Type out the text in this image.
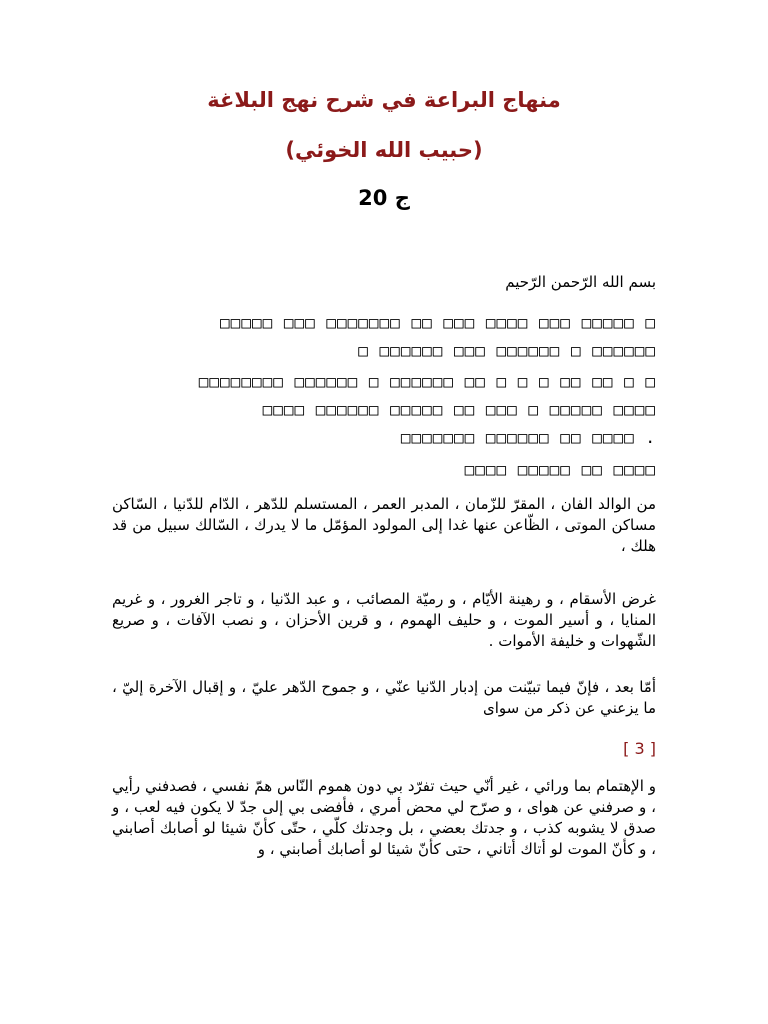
منهاج البراعة في شرح نهج البلاغة
(حبيب الله الخوئي)
ج 20
بسم الله الرّحمن الرّحيم
□ □□□□□ □□□ □□□□ □□□ □□ □□□□□□□ □□□ □□□□□
□□□□□□ □ □□□□□□ □□□ □□□□□□ □
□ □ □□ □□ □ □ □ □□ □□□□□□ □ □□□□□□ □□□□□□□□
□□□□ □□□□□ □ □□□ □□ □□□□□ □□□□□□ □□□□
. □□□□ □□ □□□□□□ □□□□□□□
□□□□ □□ □□□□□ □□□□
من الوالد الفان ، المقرّ للزّمان ، المدبر العمر ، المستسلم للدّهر ، الدّام للدّنيا ، السّاكن مساكن الموتى ، الظّاعن عنها غدا إلى المولود المؤمّل ما لا يدرك ، السّالك سبيل من قد هلك ،
غرض الأسقام ، و رهينة الأيّام ، و رميّة المصائب ، و عبد الدّنيا ، و تاجر الغرور ، و غريم المنايا ، و أسير الموت ، و حليف الهموم ، و قرين الأحزان ، و نصب الآفات ، و صريع الشّهوات و خليفة الأموات .
أمّا بعد ، فإنّ فيما تبيّنت من إدبار الدّنيا عنّي ، و جموح الدّهر عليّ ، و إقبال الآخرة إليّ ، ما يزعني عن ذكر من سواى
[ 3 ]
و الإهتمام بما ورائي ، غير أنّي حيث تفرّد بي دون هموم النّاس همّ نفسي ، فصدفني رأيي ، و صرفني عن هواى ، و صرّح لي محض أمري ، فأفضى بي إلى جدّ لا يكون فيه لعب ، و صدق لا يشوبه كذب ، و جدتك بعضي ، بل وجدتك كلّي ، حتّى كأنّ شيئا لو أصابك أصابني ، و كأنّ الموت لو أتاك أتاني ، حتى كأنّ شيئا لو أصابك أصابني ، و
